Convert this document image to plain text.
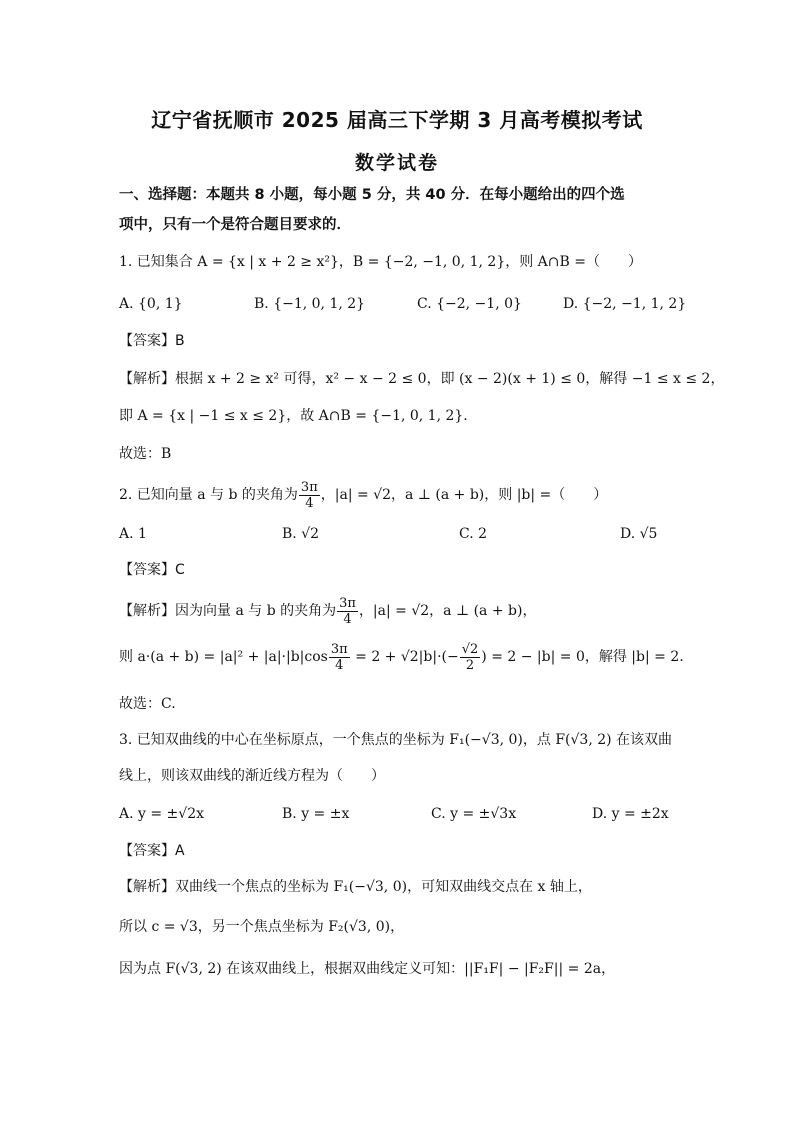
辽宁省抚顺市 2025 届高三下学期 3 月高考模拟考试
数学试卷
一、选择题：本题共 8 小题，每小题 5 分，共 40 分．在每小题给出的四个选
项中，只有一个是符合题目要求的．
1. 已知集合 A = {x | x + 2 ≥ x²}，B = {−2, −1, 0, 1, 2}，则 A∩B =（　　）
A. {0, 1}	B. {−1, 0, 1, 2}	C. {−2, −1, 0}	D. {−2, −1, 1, 2}
【答案】B
【解析】根据 x + 2 ≥ x² 可得，x² − x − 2 ≤ 0，即 (x − 2)(x + 1) ≤ 0，解得 −1 ≤ x ≤ 2，
即 A = {x | −1 ≤ x ≤ 2}，故 A∩B = {−1, 0, 1, 2}.
故选：B
2. 已知向量 a 与 b 的夹角为 $\frac{3\pi}{4}$ ，|a| = √2，a ⊥ (a + b)，则 |b| =（　　）
A. 1	B. √2	C. 2	D. √5
【答案】C
【解析】因为向量 a 与 b 的夹角为 $\frac{3\pi}{4}$ ，|a| = √2，a ⊥ (a + b)，
则 $a\cdot(a + b) = |a|^2 + |a|\cdot|b|\cos \frac{3\pi}{4} = 2 + √2|b|\cdot(- \frac{√2}{2}$ ) = 2 − |b| = 0，解得 |b| = 2.
故选：C.
3. 已知双曲线的中心在坐标原点，一个焦点的坐标为 F₁(−√3, 0)，点 F(√3, 2) 在该双曲
线上，则该双曲线的渐近线方程为（　　）
A. y = ±√2x	B. y = ±x	C. y = ±√3x	D. y = ±2x
【答案】A
【解析】双曲线一个焦点的坐标为 F₁(−√3, 0)，可知双曲线交点在 x 轴上，
所以 c = √3，另一个焦点坐标为 F₂(√3, 0)，
因为点 F(√3, 2) 在该双曲线上，根据双曲线定义可知：||F₁F| − |F₂F|| = 2a，
